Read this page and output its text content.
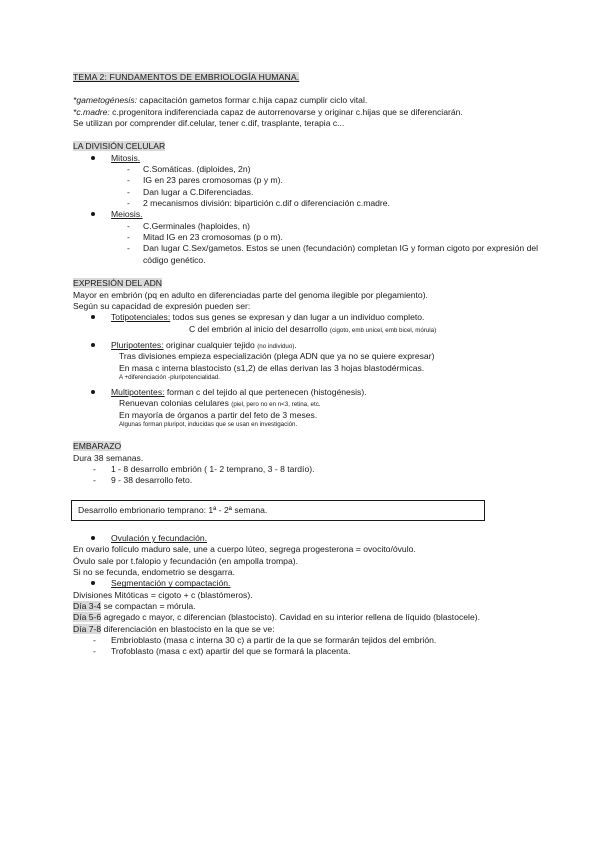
TEMA 2: FUNDAMENTOS DE EMBRIOLOGÍA HUMANA.
*gametogénesis: capacitación gametos formar c.hija capaz cumplir ciclo vital.
*c.madre: c.progenitora indiferenciada capaz de autorrenovarse y originar c.hijas que se diferenciarán.
Se utilizan por comprender dif.celular, tener c.dif, trasplante, terapia c...
LA DIVISIÓN CELULAR
Mitosis.
- C.Somáticas. (diploides, 2n)
- IG en 23 pares cromosomas (p y m).
- Dan lugar a C.Diferenciadas.
- 2 mecanismos división: bipartición c.dif o diferenciación c.madre.
Meiosis.
- C.Germinales (haploides, n)
- Mitad IG en 23 cromosomas (p o m).
- Dan lugar C.Sex/gametos. Estos se unen (fecundación) completan IG y forman cigoto por expresión del código genético.
EXPRESIÓN DEL ADN
Mayor en embrión (pq en adulto en diferenciadas parte del genoma ilegible por plegamiento).
Según su capacidad de expresión pueden ser:
Totipotenciales: todos sus genes se expresan y dan lugar a un individuo completo.
C del embrión al inicio del desarrollo (cigoto, emb unicel, emb bicel, mórula)
Pluripotentes: originar cualquier tejido (no individuo).
Tras divisiones empieza especialización (plega ADN que ya no se quiere expresar)
En masa c interna blastocisto (s1,2) de ellas derivan las 3 hojas blastodérmicas.
A +diferenciación -pluripotencialidad.
Multipotentes: forman c del tejido al que pertenecen (histogénesis).
Renuevan colonias celulares (piel, pero no en n<3, retina, etc.
En mayoría de órganos a partir del feto de 3 meses.
Algunas forman pluripot, inducidas que se usan en investigación.
EMBARAZO
Dura 38 semanas.
- 1 - 8 desarrollo embrión ( 1- 2 temprano, 3 - 8 tardío).
- 9 - 38 desarrollo feto.
Desarrollo embrionario temprano: 1ª - 2ª semana.
Ovulación y fecundación.
En ovario folículo maduro sale, une a cuerpo lúteo, segrega progesterona = ovocito/óvulo.
Óvulo sale por t.falopio y fecundación (en ampolla trompa).
Si no se fecunda, endometrio se desgarra.
Segmentación y compactación.
Divisiones Mitóticas = cigoto + c (blastómeros).
Día 3-4 se compactan = mórula.
Día 5-6 agregado c mayor, c diferencian (blastocisto). Cavidad en su interior rellena de líquido (blastocele).
Día 7-8 diferenciación en blastocisto en la que se ve:
- Embrioblasto (masa c interna 30 c) a partir de la que se formarán tejidos del embrión.
- Trofoblasto (masa c ext) apartir del que se formará la placenta.
